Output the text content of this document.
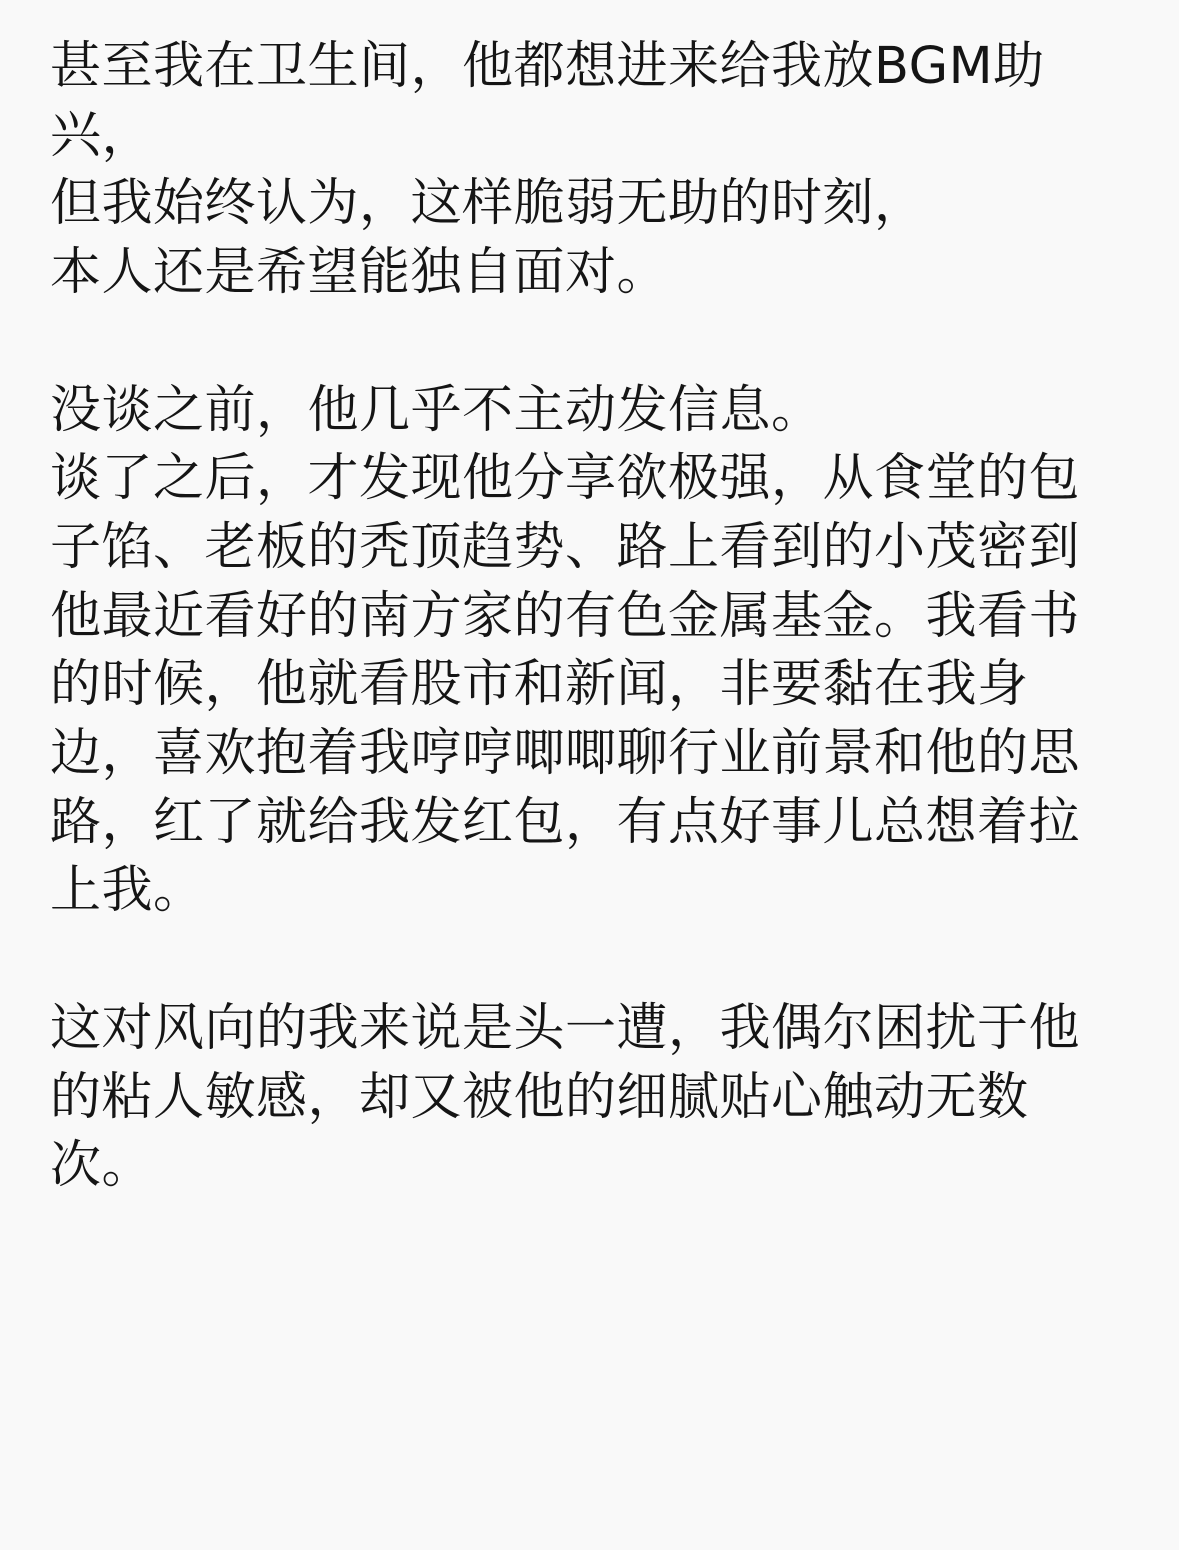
甚至我在卫生间，他都想进来给我放BGM助
兴，
但我始终认为，这样脆弱无助的时刻，
本人还是希望能独自面对。

没谈之前，他几乎不主动发信息。
谈了之后，才发现他分享欲极强，从食堂的包
子馅、老板的秃顶趋势、路上看到的小茂密到
他最近看好的南方家的有色金属基金。我看书
的时候，他就看股市和新闻，非要黏在我身
边，喜欢抱着我哼哼唧唧聊行业前景和他的思
路，红了就给我发红包，有点好事儿总想着拉
上我。

这对风向的我来说是头一遭，我偶尔困扰于他
的粘人敏感，却又被他的细腻贴心触动无数
次。
